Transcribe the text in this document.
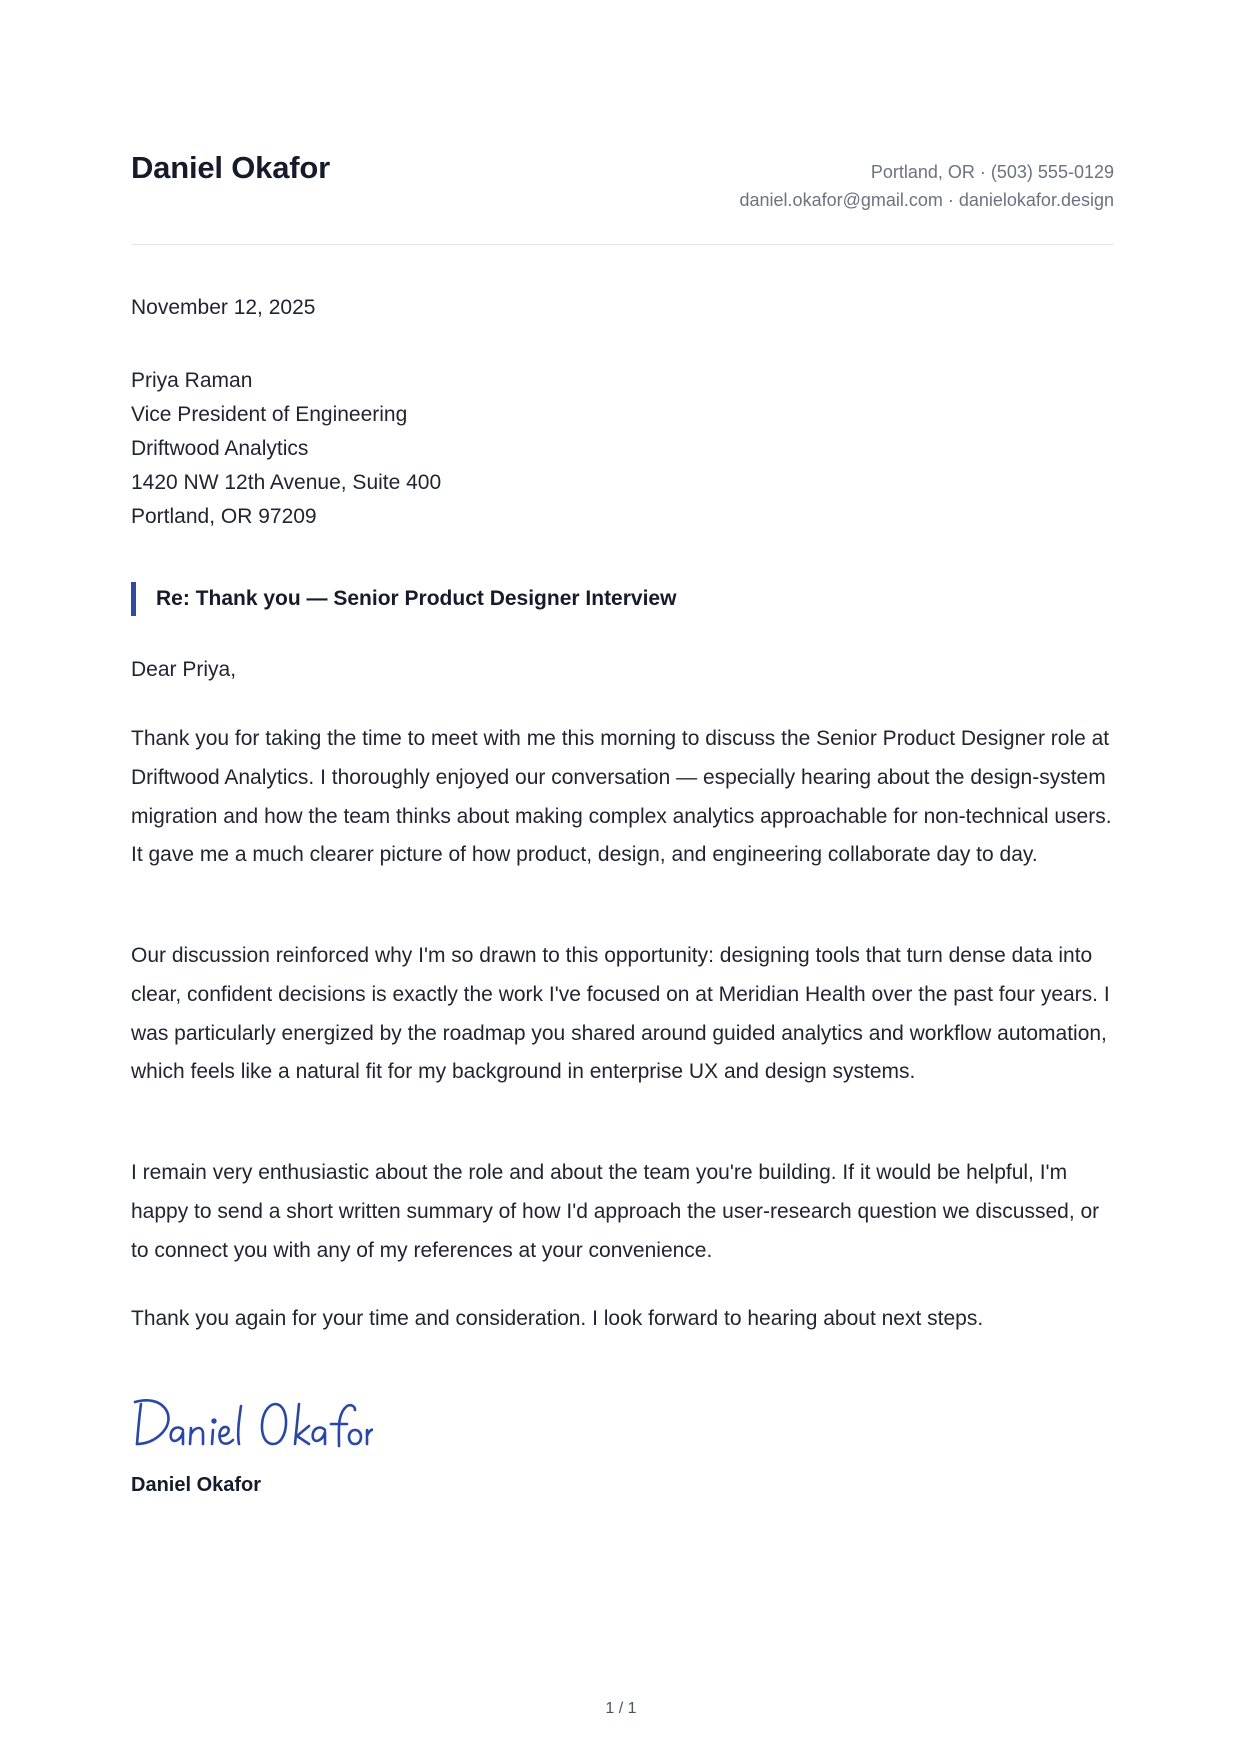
Daniel Okafor	Portland, OR · (503) 555-0129
daniel.okafor@gmail.com · danielokafor.design
November 12, 2025
Priya Raman
Vice President of Engineering
Driftwood Analytics
1420 NW 12th Avenue, Suite 400
Portland, OR 97209
Re: Thank you — Senior Product Designer Interview
Dear Priya,

Thank you for taking the time to meet with me this morning to discuss the Senior Product Designer role at Driftwood Analytics. I thoroughly enjoyed our conversation — especially hearing about the design-system migration and how the team thinks about making complex analytics approachable for non-technical users. It gave me a much clearer picture of how product, design, and engineering collaborate day to day.

Our discussion reinforced why I'm so drawn to this opportunity: designing tools that turn dense data into clear, confident decisions is exactly the work I've focused on at Meridian Health over the past four years. I was particularly energized by the roadmap you shared around guided analytics and workflow automation, which feels like a natural fit for my background in enterprise UX and design systems.

I remain very enthusiastic about the role and about the team you're building. If it would be helpful, I'm happy to send a short written summary of how I'd approach the user-research question we discussed, or to connect you with any of my references at your convenience.

Thank you again for your time and consideration. I look forward to hearing about next steps.

Daniel Okafor
1 / 1
